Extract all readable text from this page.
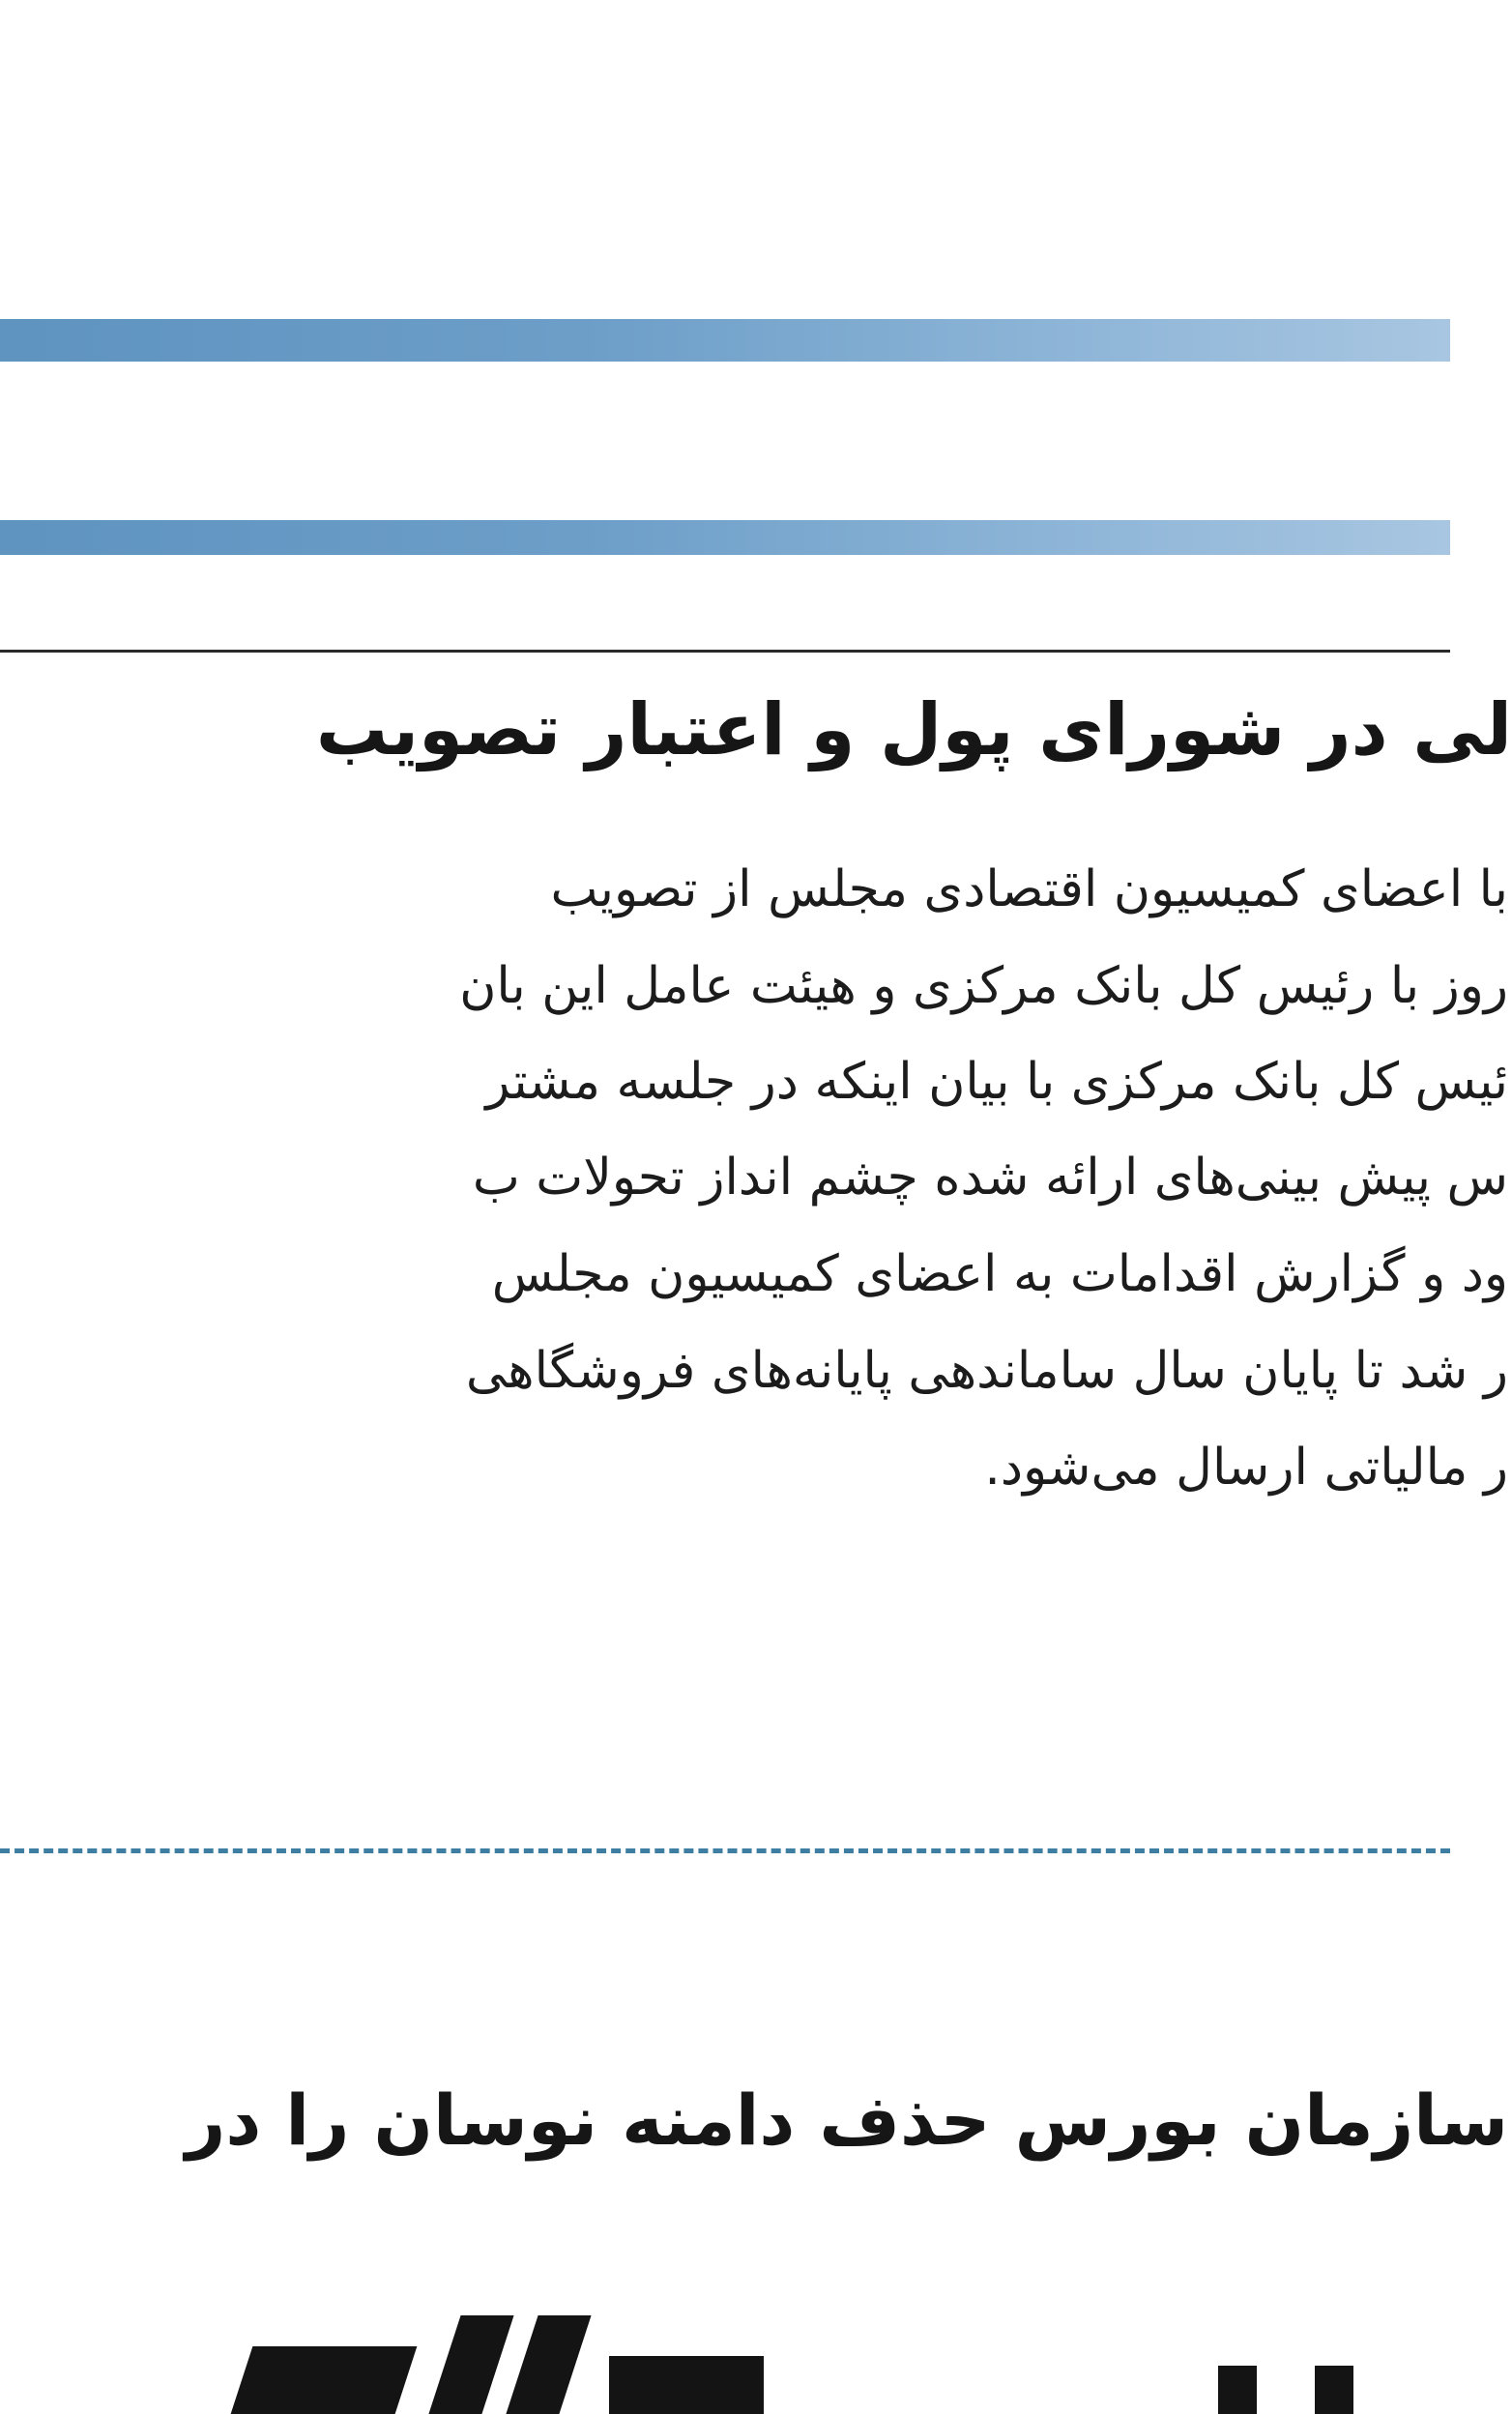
لی در شورای پول و اعتبار تصویب
با اعضای کمیسیون اقتصادی مجلس از تصویب
روز با رئیس کل بانک مرکزی و هیئت عامل این بان
ئیس کل بانک مرکزی با بیان اینکه در جلسه مشتر
س پیش بینی‌های ارائه شده چشم انداز تحولات ب
ود و گزارش اقدامات به اعضای کمیسیون مجلس
ر شد تا پایان سال ساماندهی پایانه‌های فروشگاهی
ر مالیاتی ارسال می‌شود.
سازمان بورس حذف دامنه نوسان را در
